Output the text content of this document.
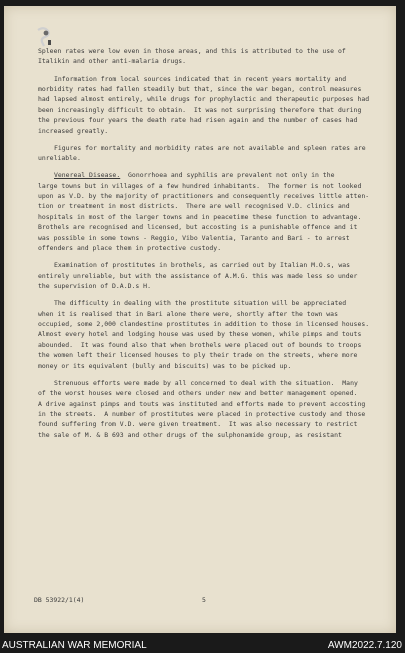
Spleen rates were low even in those areas, and this is attributed to the use of
Italikin and other anti-malaria drugs.
Information from local sources indicated that in recent years mortality and
morbidity rates had fallen steadily but that, since the war began, control measures
had lapsed almost entirely, while drugs for prophylactic and therapeutic purposes had
been increasingly difficult to obtain.  It was not surprising therefore that during
the previous four years the death rate had risen again and the number of cases had
increased greatly.
Figures for mortality and morbidity rates are not available and spleen rates are
unreliable.
Venereal Disease.  Gonorrhoea and syphilis are prevalent not only in the
large towns but in villages of a few hundred inhabitants.  The former is not looked
upon as V.D. by the majority of practitioners and consequently receives little atten-
tion or treatment in most districts.  There are well recognised V.D. clinics and
hospitals in most of the larger towns and in peacetime these function to advantage.
Brothels are recognised and licensed, but accosting is a punishable offence and it
was possible in some towns - Reggio, Vibo Valentia, Taranto and Bari - to arrest
offenders and place them in protective custody.
Examination of prostitutes in brothels, as carried out by Italian M.O.s, was
entirely unreliable, but with the assistance of A.M.G. this was made less so under
the supervision of D.A.D.s H.
The difficulty in dealing with the prostitute situation will be appreciated
when it is realised that in Bari alone there were, shortly after the town was
occupied, some 2,000 clandestine prostitutes in addition to those in licensed houses.
Almost every hotel and lodging house was used by these women, while pimps and touts
abounded.  It was found also that when brothels were placed out of bounds to troops
the women left their licensed houses to ply their trade on the streets, where more
money or its equivalent (bully and biscuits) was to be picked up.
Strenuous efforts were made by all concerned to deal with the situation.  Many
of the worst houses were closed and others under new and better management opened.
A drive against pimps and touts was instituted and efforts made to prevent accosting
in the streets.  A number of prostitutes were placed in protective custody and those
found suffering from V.D. were given treatment.  It was also necessary to restrict
the sale of M. & B 693 and other drugs of the sulphonamide group, as resistant
DB 53922/1(4)	5
AUSTRALIAN WAR MEMORIAL	AWM2022.7.120
